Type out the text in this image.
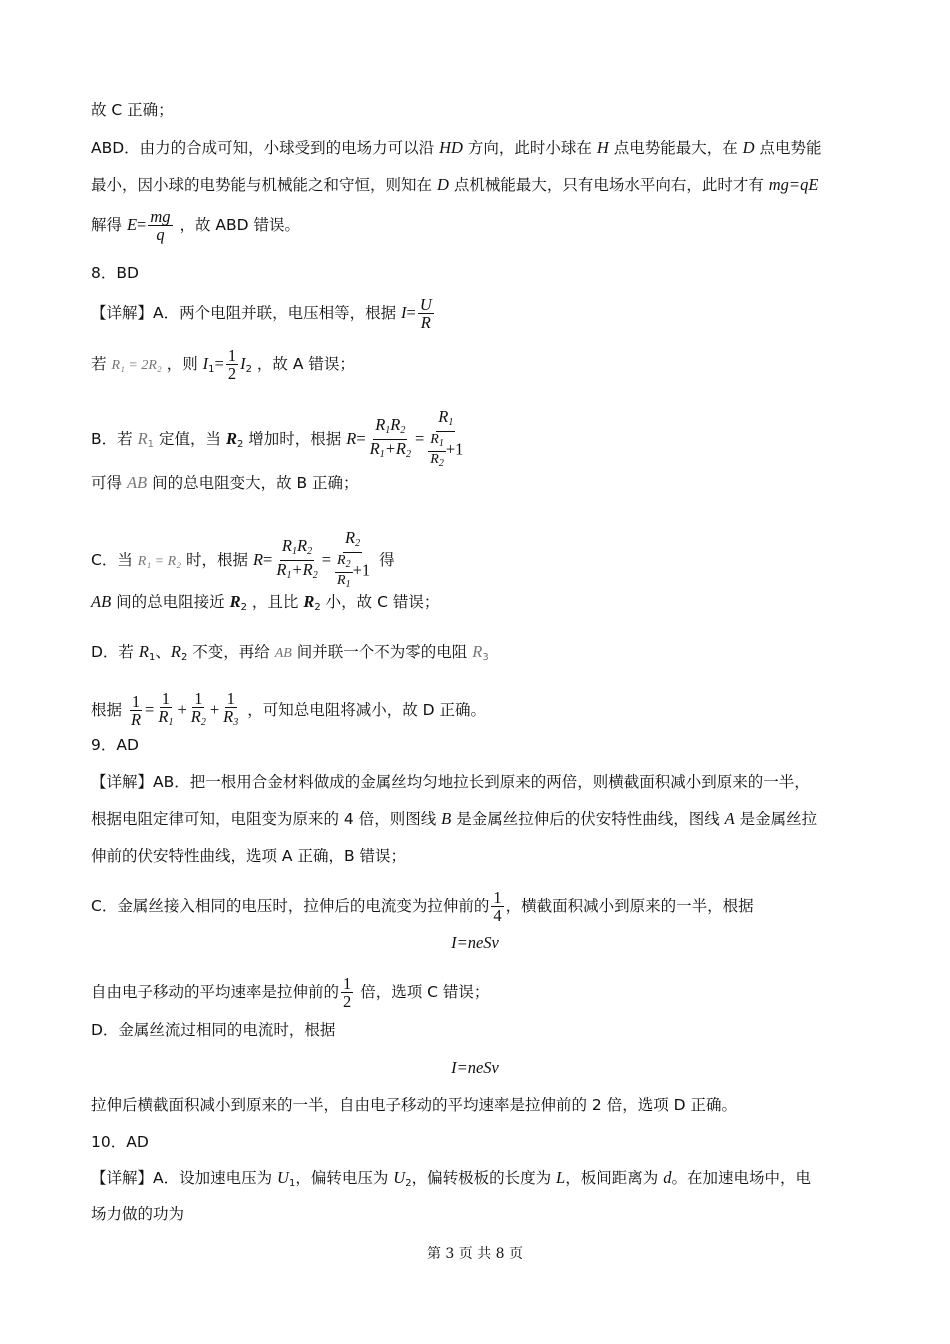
故 C 正确；
ABD．由力的合成可知，小球受到的电场力可以沿 HD 方向，此时小球在 H 点电势能最大，在 D 点电势能
最小，因小球的电势能与机械能之和守恒，则知在 D 点机械能最大，只有电场水平向右，此时才有 mg=qE
解得 $E= \frac{mg}{q}$ ，故 ABD 错误。
8．BD
【详解】A．两个电阻并联，电压相等，根据 $I= \frac{U}{R}$
若 R₁ = 2R₂ ，则 $I_1= \frac{1}{2} I_2$ ，故 A 错误；
B．若 $R_1$ 定值，当 $R_2$ 增加时，根据 $R= \frac{R_1R_2}{R_1+R_2} = \frac{R_1}{\frac{R_1}{R_2} +1}$
可得 AB 间的总电阻变大，故 B 正确；
C．当 R₁ = R₂ 时，根据 $R= \frac{R_1R_2}{R_1+R_2} = \frac{R_2}{\frac{R_2}{R_1} +1}$ 得
AB 间的总电阻接近 $R_2$ ，且比 $R_2$ 小，故 C 错误；
D．若 $R_1$、$R_2$ 不变，再给 AB 间并联一个不为零的电阻 $R_3$
根据 $\frac{1}{R} = \frac{1}{R_1} + \frac{1}{R_2} + \frac{1}{R_3}$ ，可知总电阻将减小，故 D 正确。
9．AD
【详解】AB．把一根用合金材料做成的金属丝均匀地拉长到原来的两倍，则横截面积减小到原来的一半，
根据电阻定律可知，电阻变为原来的 4 倍，则图线 B 是金属丝拉伸后的伏安特性曲线，图线 A 是金属丝拉
伸前的伏安特性曲线，选项 A 正确，B 错误；
C．金属丝接入相同的电压时，拉伸后的电流变为拉伸前的 $\frac{1}{4}$ ，横截面积减小到原来的一半，根据
I=neSv
自由电子移动的平均速率是拉伸前的 $\frac{1}{2}$ 倍，选项 C 错误；
D．金属丝流过相同的电流时，根据
I=neSv
拉伸后横截面积减小到原来的一半，自由电子移动的平均速率是拉伸前的 2 倍，选项 D 正确。
10．AD
【详解】A．设加速电压为 $U_1$，偏转电压为 $U_2$，偏转极板的长度为 L，板间距离为 d。在加速电场中，电
场力做的功为
第 3 页 共 8 页
